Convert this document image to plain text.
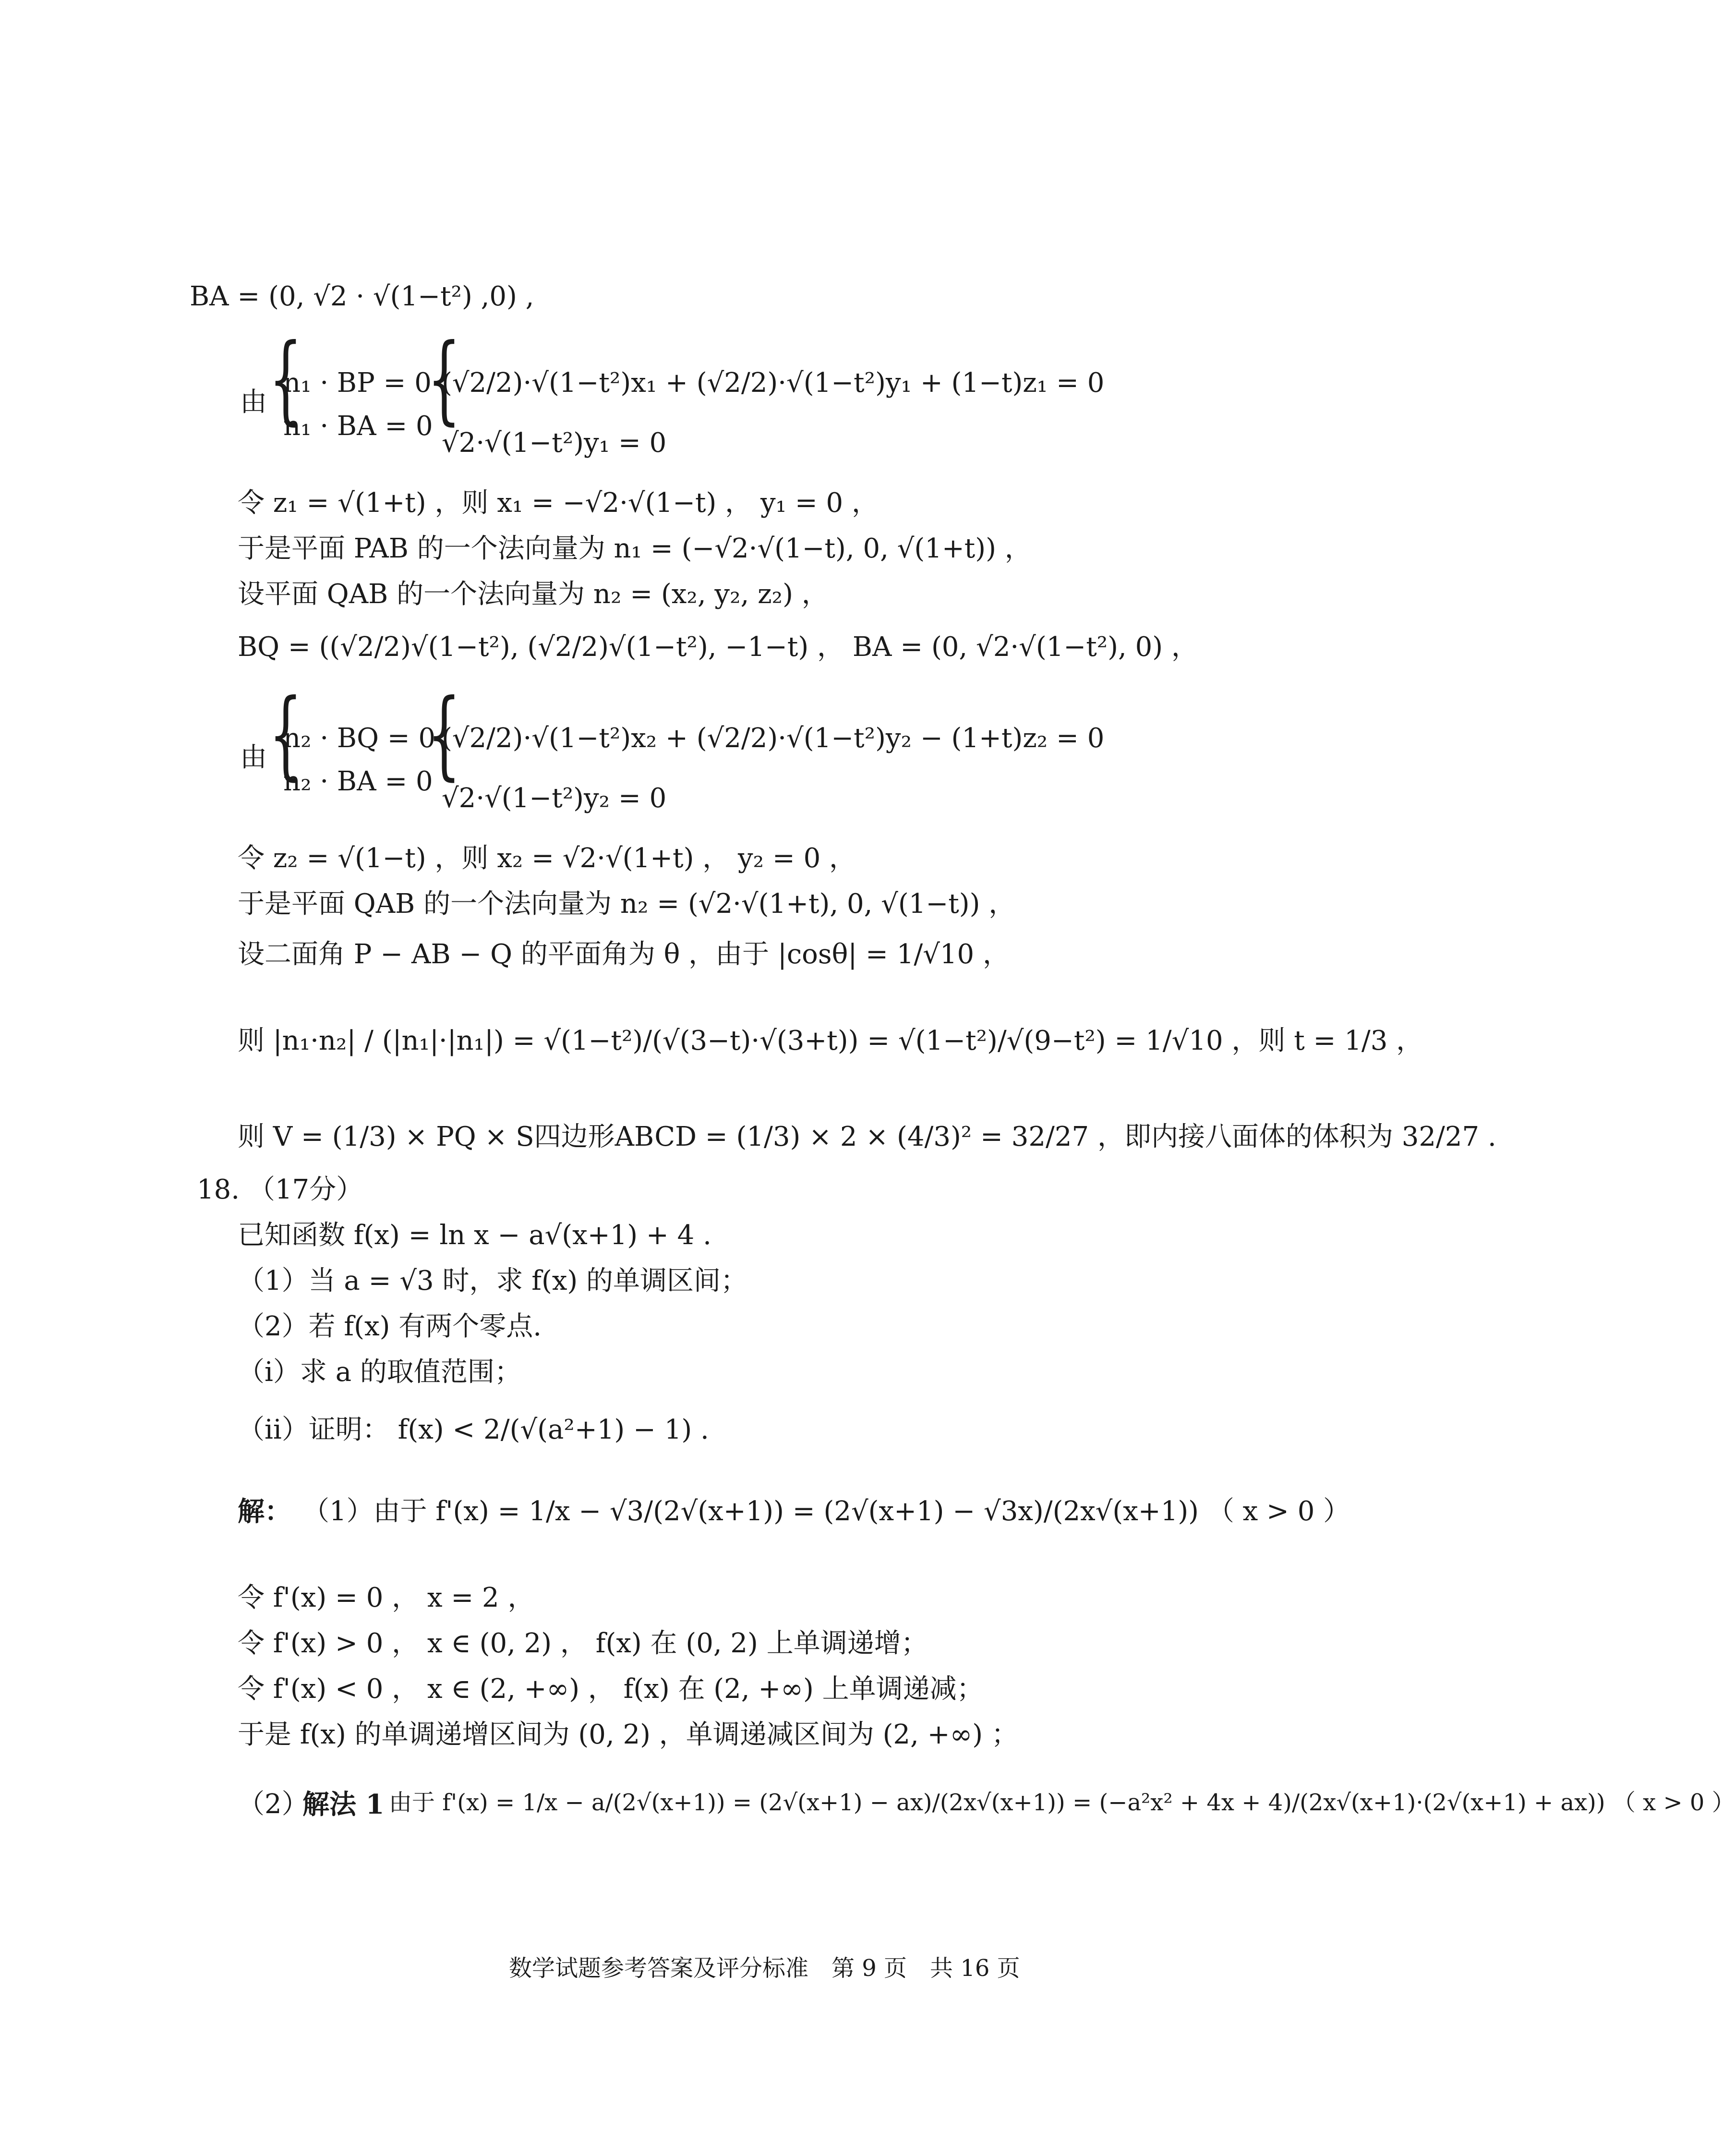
BA = (0, √2 · √(1−t²) ,0) ,
由 {
n₁ · BP = 0
n₁ · BA = 0
{
(√2/2)·√(1−t²)x₁ + (√2/2)·√(1−t²)y₁ + (1−t)z₁ = 0
√2·√(1−t²)y₁ = 0
令 z₁ = √(1+t) ，则 x₁ = −√2·√(1−t) ， y₁ = 0 ，
于是平面 PAB 的一个法向量为 n₁ = (−√2·√(1−t), 0, √(1+t)) ，
设平面 QAB 的一个法向量为 n₂ = (x₂, y₂, z₂) ，
BQ = ((√2/2)√(1−t²), (√2/2)√(1−t²), −1−t) ， BA = (0, √2·√(1−t²), 0) ，
由 {
n₂ · BQ = 0
n₂ · BA = 0
{
(√2/2)·√(1−t²)x₂ + (√2/2)·√(1−t²)y₂ − (1+t)z₂ = 0
√2·√(1−t²)y₂ = 0
令 z₂ = √(1−t) ，则 x₂ = √2·√(1+t) ， y₂ = 0 ，
于是平面 QAB 的一个法向量为 n₂ = (√2·√(1+t), 0, √(1−t)) ，
设二面角 P − AB − Q 的平面角为 θ ，由于 |cosθ| = 1/√10 ，
则 |n₁·n₂| / (|n₁|·|n₁|) = √(1−t²)/(√(3−t)·√(3+t)) = √(1−t²)/√(9−t²) = 1/√10 ，则 t = 1/3 ，
则 V = (1/3) × PQ × S四边形ABCD = (1/3) × 2 × (4/3)² = 32/27 ，即内接八面体的体积为 32/27 .
18. （17分）
已知函数 f(x) = ln x − a√(x+1) + 4 .
（1）当 a = √3 时，求 f(x) 的单调区间；
（2）若 f(x) 有两个零点.
（i）求 a 的取值范围；
（ii）证明： f(x) < 2/(√(a²+1) − 1) .
解： （1）由于 f'(x) = 1/x − √3/(2√(x+1)) = (2√(x+1) − √3x)/(2x√(x+1)) （ x > 0 ）
令 f'(x) = 0 ， x = 2 ，
令 f'(x) > 0 ， x ∈ (0, 2) ， f(x) 在 (0, 2) 上单调递增；
令 f'(x) < 0 ， x ∈ (2, +∞) ， f(x) 在 (2, +∞) 上单调递减；
于是 f(x) 的单调递增区间为 (0, 2) ，单调递减区间为 (2, +∞) ；
（2）
解法 1 由于 f'(x) = 1/x − a/(2√(x+1)) = (2√(x+1) − ax)/(2x√(x+1)) = (−a²x² + 4x + 4)/(2x√(x+1)·(2√(x+1) + ax)) （ x > 0 ）
数学试题参考答案及评分标准　第 9 页　共 16 页
